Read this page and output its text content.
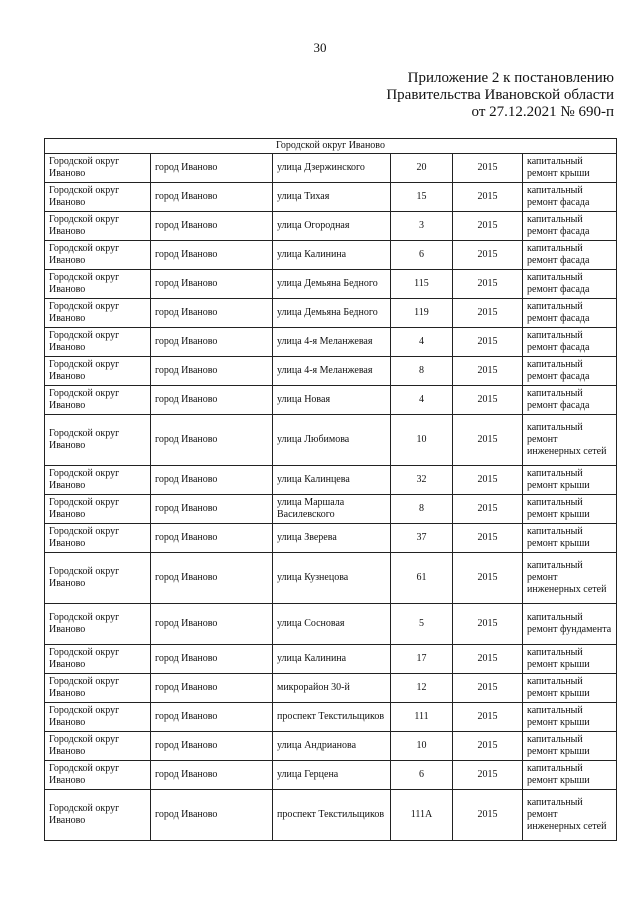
30
Приложение 2 к постановлению
Правительства Ивановской области
от 27.12.2021 № 690-п
Городской округ Иваново					
Городской округ Иваново	город Иваново	улица Дзержинского	20	2015	капитальный ремонт крыши
Городской округ Иваново	город Иваново	улица Тихая	15	2015	капитальный ремонт фасада
Городской округ Иваново	город Иваново	улица Огородная	3	2015	капитальный ремонт фасада
Городской округ Иваново	город Иваново	улица Калинина	6	2015	капитальный ремонт фасада
Городской округ Иваново	город Иваново	улица Демьяна Бедного	115	2015	капитальный ремонт фасада
Городской округ Иваново	город Иваново	улица Демьяна Бедного	119	2015	капитальный ремонт фасада
Городской округ Иваново	город Иваново	улица 4-я Меланжевая	4	2015	капитальный ремонт фасада
Городской округ Иваново	город Иваново	улица 4-я Меланжевая	8	2015	капитальный ремонт фасада
Городской округ Иваново	город Иваново	улица Новая	4	2015	капитальный ремонт фасада
Городской округ Иваново	город Иваново	улица Любимова	10	2015	капитальный ремонт инженерных сетей
Городской округ Иваново	город Иваново	улица Калинцева	32	2015	капитальный ремонт крыши
Городской округ Иваново	город Иваново	улица Маршала Василевского	8	2015	капитальный ремонт крыши
Городской округ Иваново	город Иваново	улица Зверева	37	2015	капитальный ремонт крыши
Городской округ Иваново	город Иваново	улица Кузнецова	61	2015	капитальный ремонт инженерных сетей
Городской округ Иваново	город Иваново	улица Сосновая	5	2015	капитальный ремонт фундамента
Городской округ Иваново	город Иваново	улица Калинина	17	2015	капитальный ремонт крыши
Городской округ Иваново	город Иваново	микрорайон 30-й	12	2015	капитальный ремонт крыши
Городской округ Иваново	город Иваново	проспект Текстильщиков	111	2015	капитальный ремонт крыши
Городской округ Иваново	город Иваново	улица Андрианова	10	2015	капитальный ремонт крыши
Городской округ Иваново	город Иваново	улица Герцена	6	2015	капитальный ремонт крыши
Городской округ Иваново	город Иваново	проспект Текстильщиков	111А	2015	капитальный ремонт инженерных сетей
